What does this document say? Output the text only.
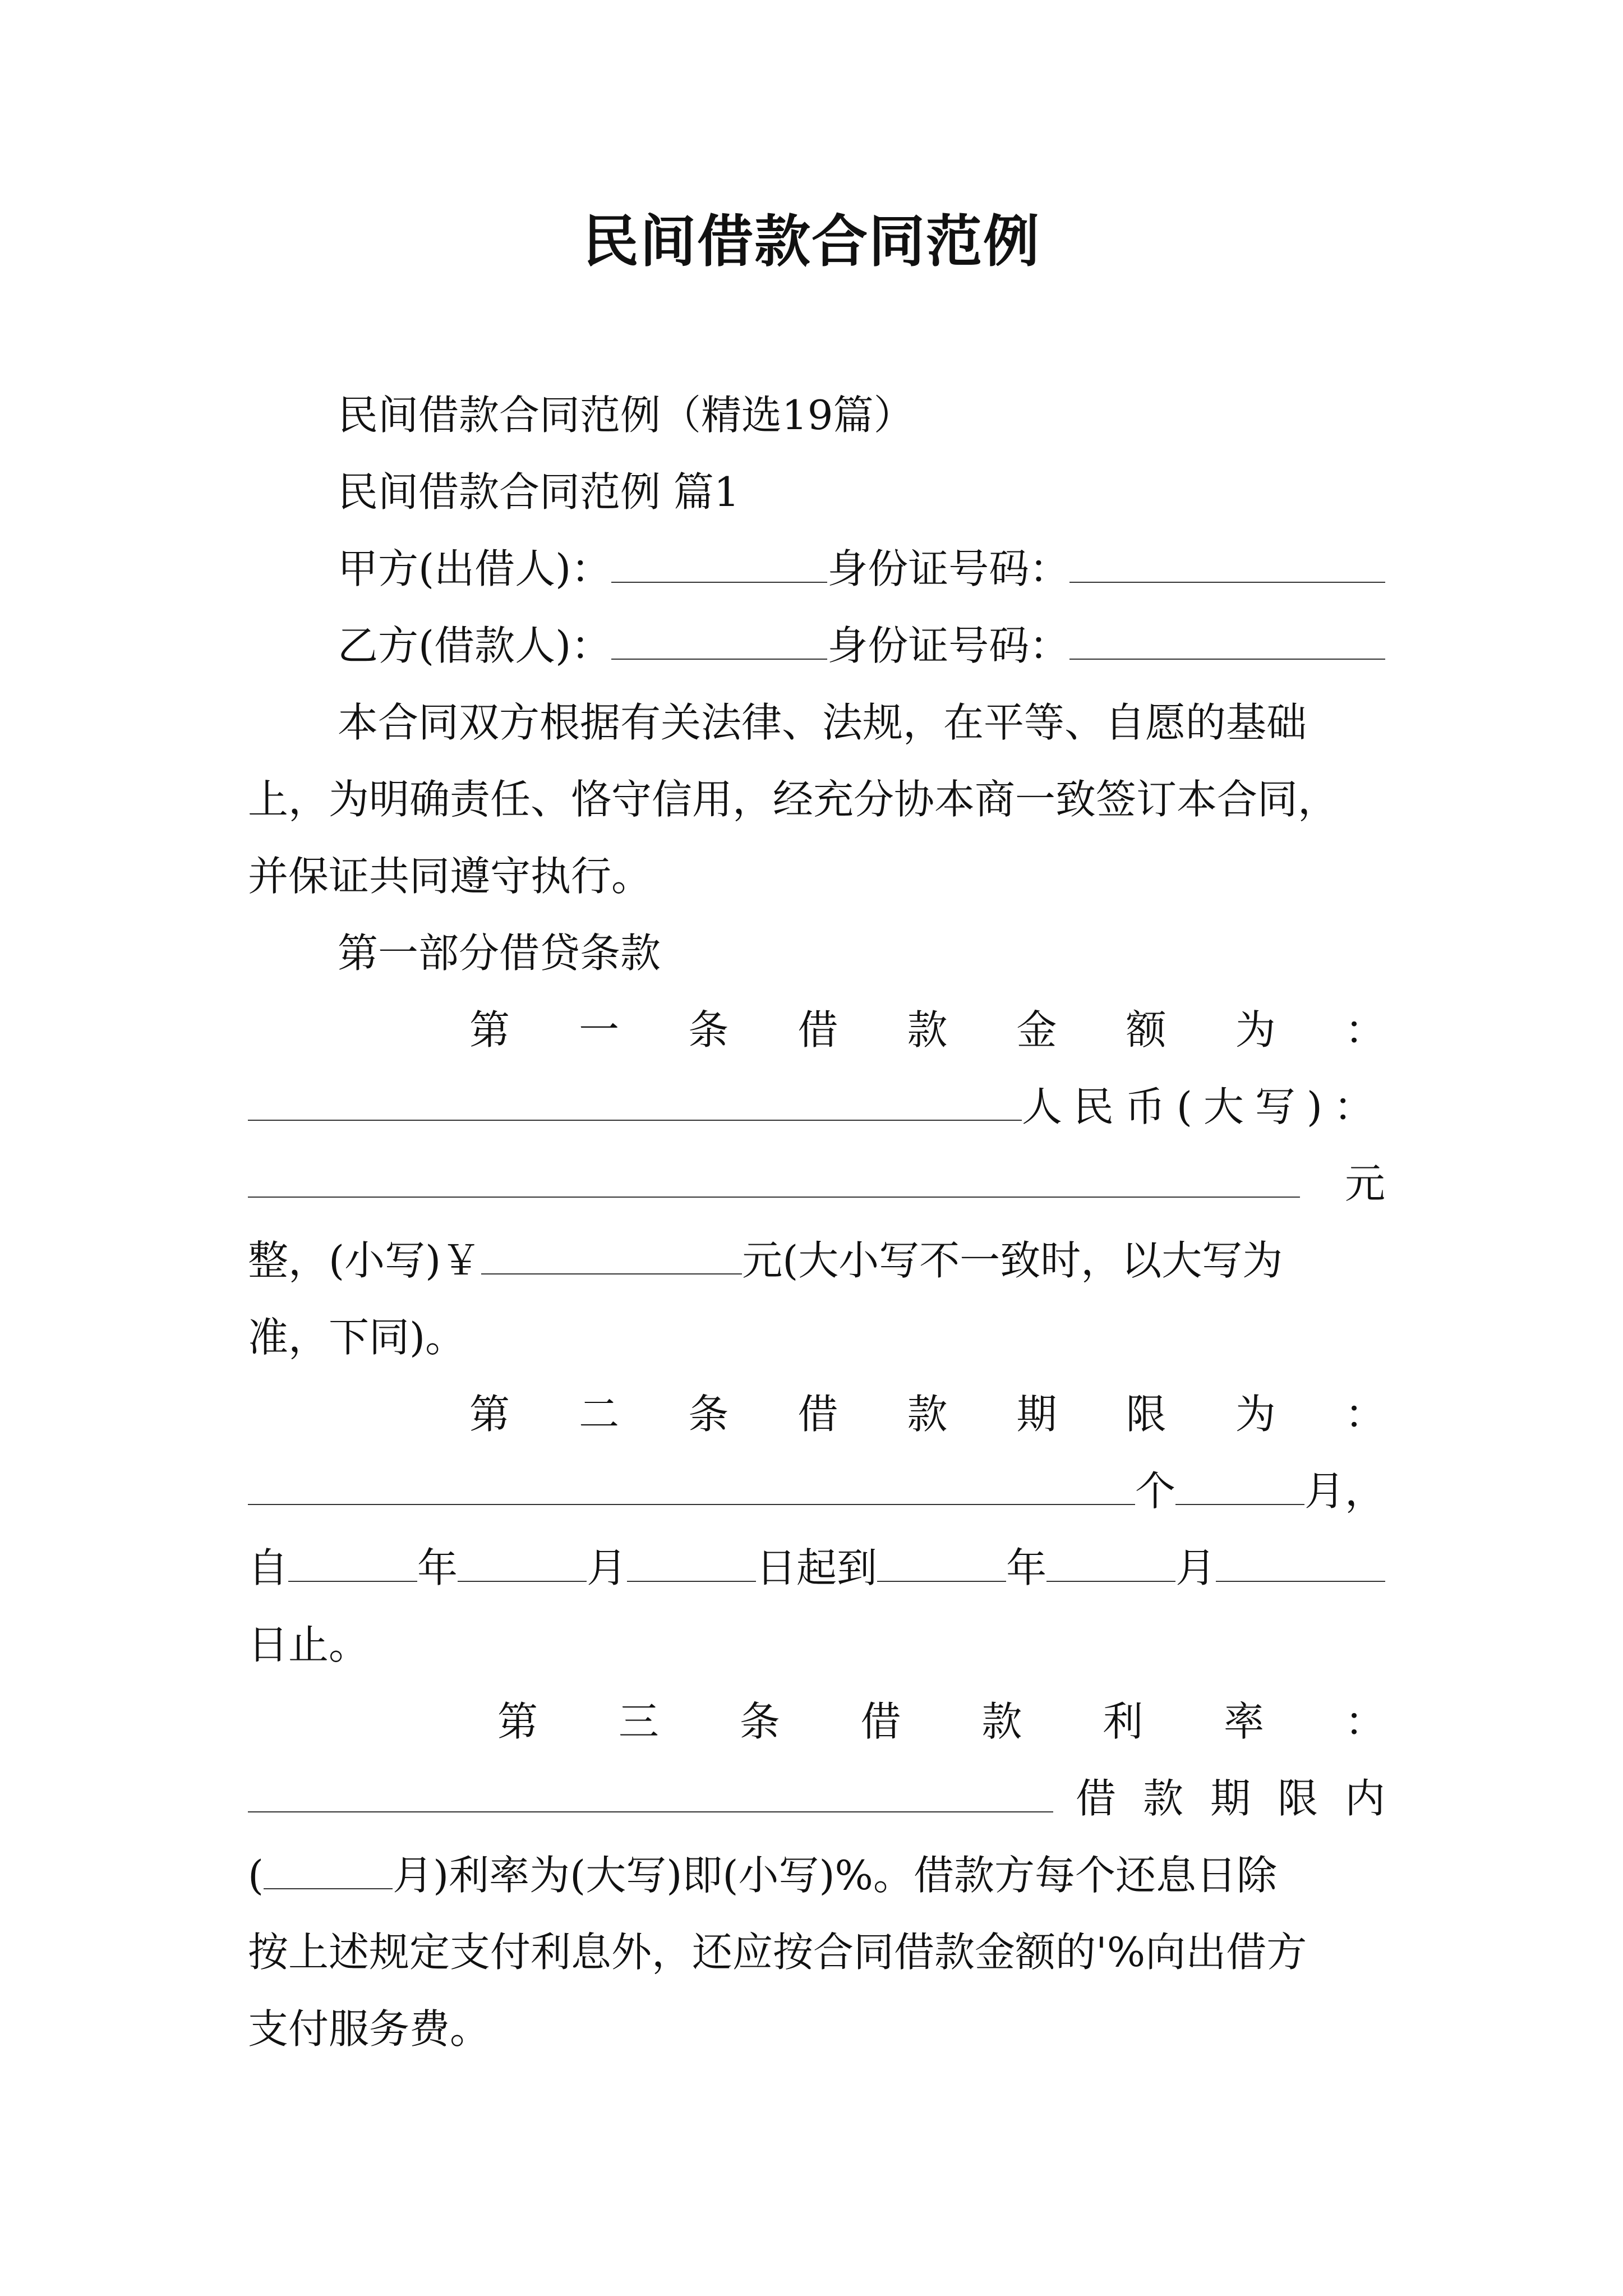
民间借款合同范例

民间借款合同范例（精选19篇）

民间借款合同范例 篇1

甲方(出借人)：	身份证号码：
乙方(借款人)：	身份证号码：

本合同双方根据有关法律、法规，在平等、自愿的基础

上，为明确责任、恪守信用，经充分协本商一致签订本合同，

并保证共同遵守执行。

第一部分借贷条款

第 一 条 借 款 金 额 为 ：
人民币(大写)：
元
整，(小写)￥	元(大小写不一致时，以大写为

准，下同)。

第 二 条 借 款 期 限 为 ：
个	月，
自	年	月	日起到	年	月

日止。

第 三 条 借 款 利 率 ：
借款期限内
(	月)利率为(大写)即(小写)%。借款方每个还息日除

按上述规定支付利息外，还应按合同借款金额的'%向出借方

支付服务费。
